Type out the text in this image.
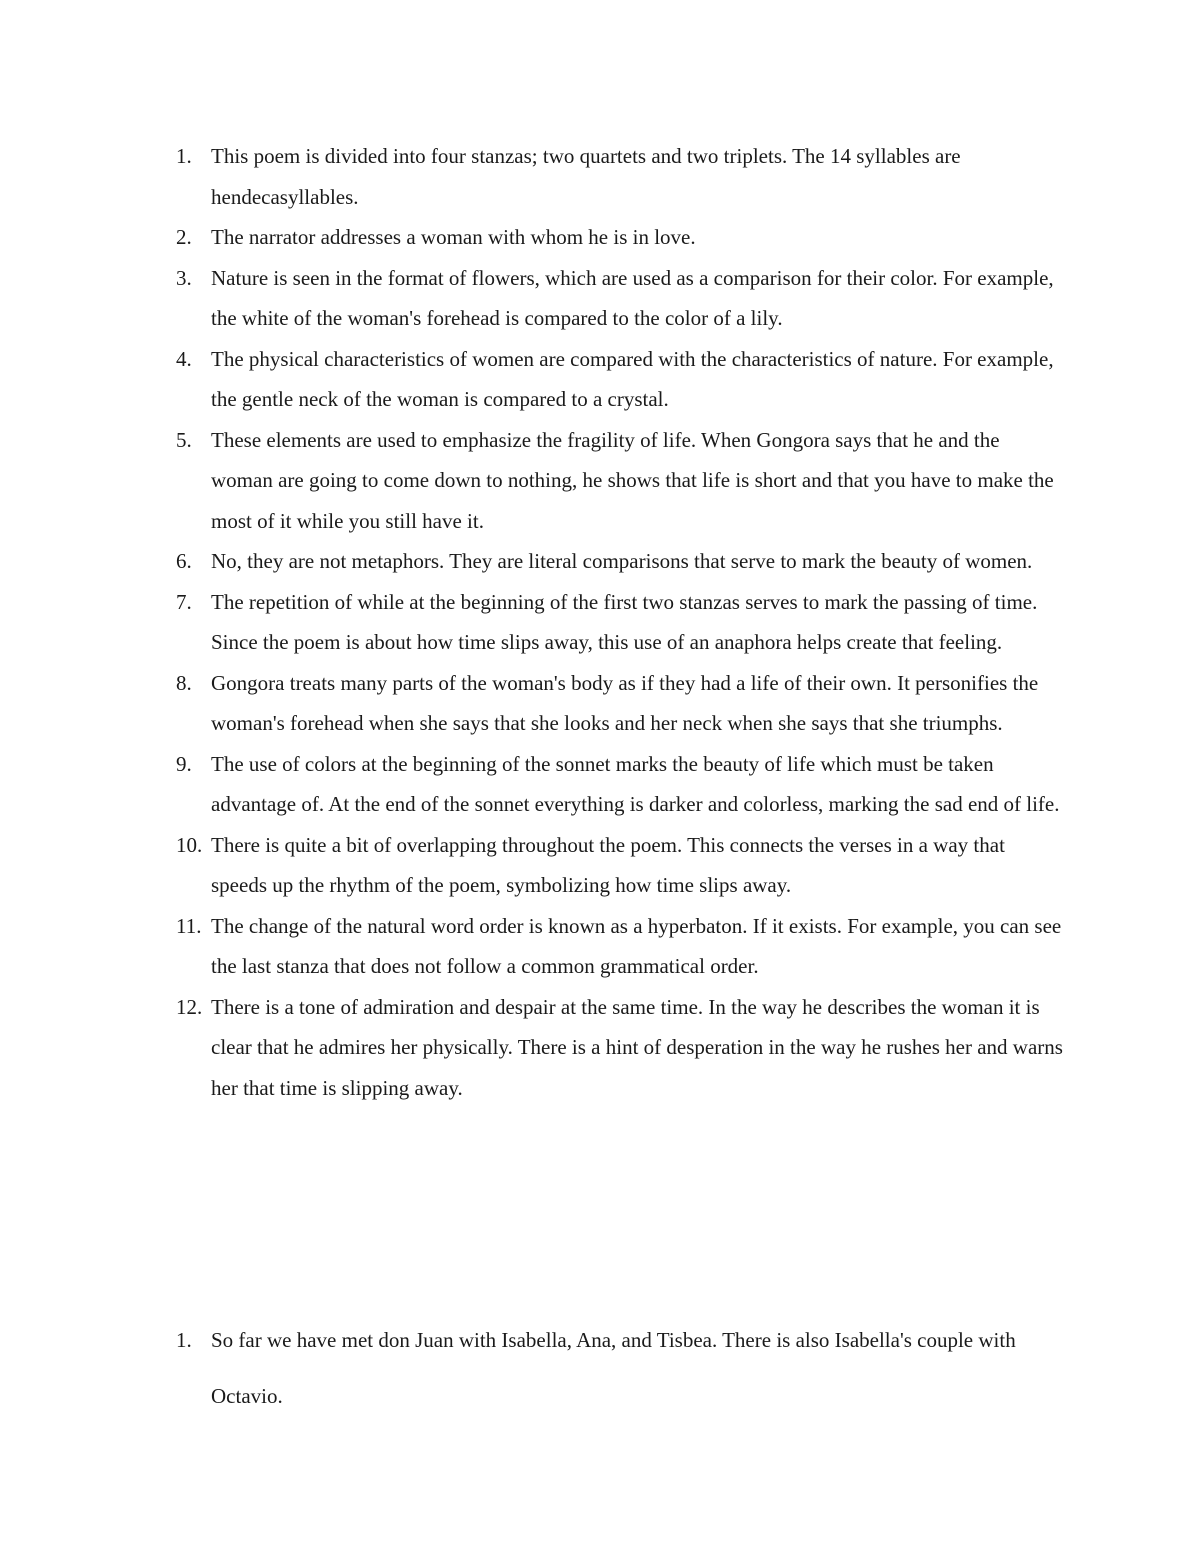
1. This poem is divided into four stanzas; two quartets and two triplets. The 14 syllables are hendecasyllables.
2. The narrator addresses a woman with whom he is in love.
3. Nature is seen in the format of flowers, which are used as a comparison for their color. For example, the white of the woman's forehead is compared to the color of a lily.
4. The physical characteristics of women are compared with the characteristics of nature. For example, the gentle neck of the woman is compared to a crystal.
5. These elements are used to emphasize the fragility of life. When Gongora says that he and the woman are going to come down to nothing, he shows that life is short and that you have to make the most of it while you still have it.
6. No, they are not metaphors. They are literal comparisons that serve to mark the beauty of women.
7. The repetition of while at the beginning of the first two stanzas serves to mark the passing of time. Since the poem is about how time slips away, this use of an anaphora helps create that feeling.
8. Gongora treats many parts of the woman's body as if they had a life of their own. It personifies the woman's forehead when she says that she looks and her neck when she says that she triumphs.
9. The use of colors at the beginning of the sonnet marks the beauty of life which must be taken advantage of. At the end of the sonnet everything is darker and colorless, marking the sad end of life.
10. There is quite a bit of overlapping throughout the poem. This connects the verses in a way that speeds up the rhythm of the poem, symbolizing how time slips away.
11. The change of the natural word order is known as a hyperbaton. If it exists. For example, you can see the last stanza that does not follow a common grammatical order.
12. There is a tone of admiration and despair at the same time. In the way he describes the woman it is clear that he admires her physically. There is a hint of desperation in the way he rushes her and warns her that time is slipping away.
1. So far we have met don Juan with Isabella, Ana, and Tisbea. There is also Isabella's couple with Octavio.
